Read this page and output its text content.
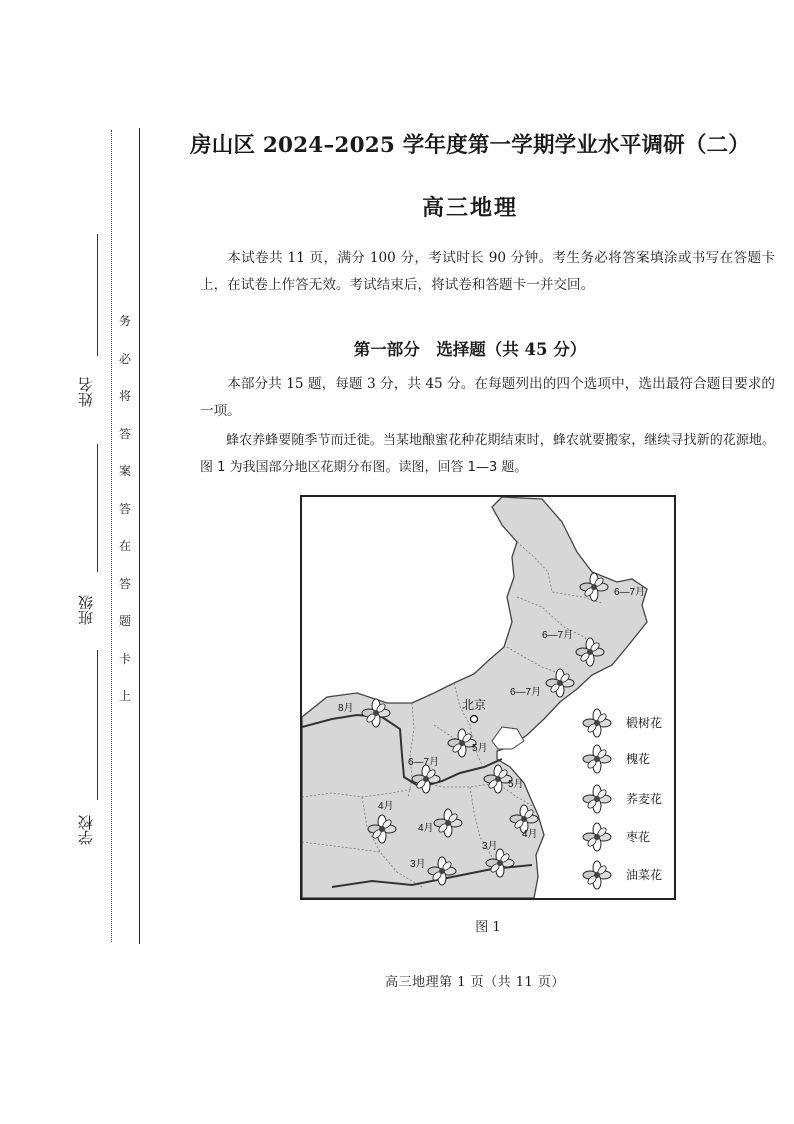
姓名
班级
学校
务
必
将
答
案
答
在
答
题
卡
上
房山区 2024–2025 学年度第一学期学业水平调研（二）
高三地理
本试卷共 11 页，满分 100 分，考试时长 90 分钟。考生务必将答案填涂或书写在答题卡上，在试卷上作答无效。考试结束后，将试卷和答题卡一并交回。
第一部分　选择题（共 45 分）
本部分共 15 题，每题 3 分，共 45 分。在每题列出的四个选项中，选出最符合题目要求的一项。
蜂农养蜂要随季节而迁徙。当某地酿蜜花种花期结束时，蜂农就要搬家，继续寻找新的花源地。图 1 为我国部分地区花期分布图。读图，回答 1—3 题。
北京
6—7月
6—7月
6—7月
8月
5月
6—7月
5月
4月
4月
4月
3月
3月
椴树花
槐花
荞麦花
枣花
油菜花
图 1
高三地理第 1 页（共 11 页）
